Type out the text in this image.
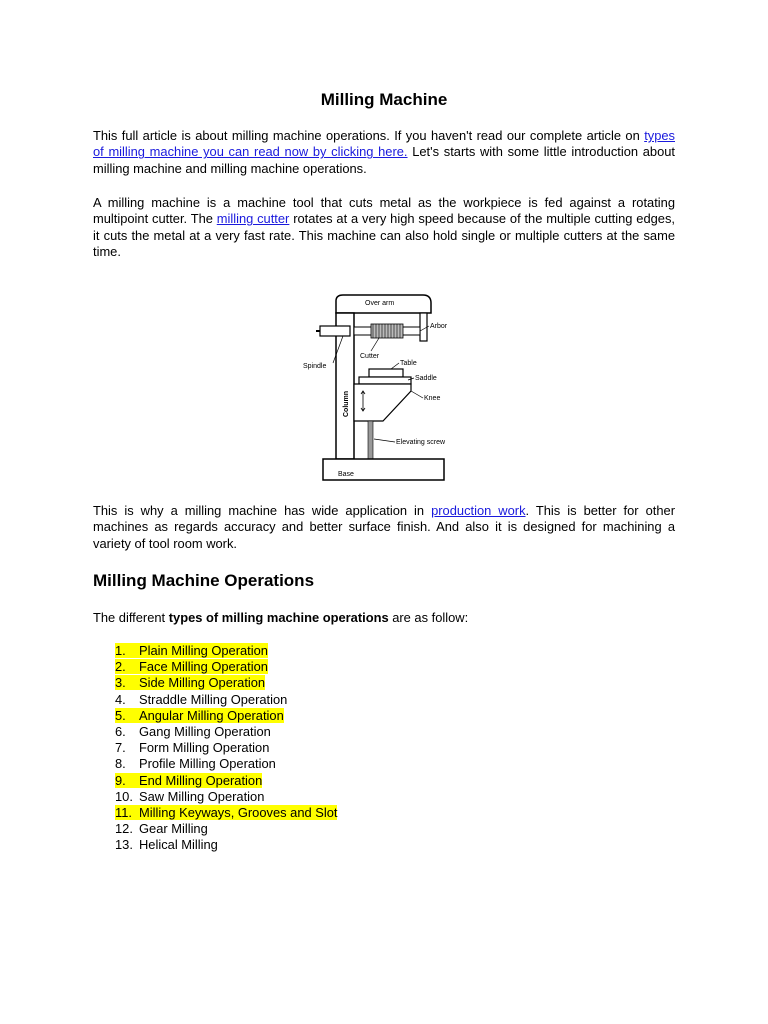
Milling Machine

This full article is about milling machine operations. If you haven't read our complete article on types of milling machine you can read now by clicking here. Let's starts with some little introduction about milling machine and milling machine operations.

A milling machine is a machine tool that cuts metal as the workpiece is fed against a rotating multipoint cutter. The milling cutter rotates at a very high speed because of the multiple cutting edges, it cuts the metal at a very fast rate. This machine can also hold single or multiple cutters at the same time.

Over arm
Column
Spindle
Arbor
Cutter
Table
Saddle
Knee
Elevating screw
Base

This is why a milling machine has wide application in production work. This is better for other machines as regards accuracy and better surface finish. And also it is designed for machining a variety of tool room work.

Milling Machine Operations

The different types of milling machine operations are as follow:

1. Plain Milling Operation
2. Face Milling Operation
3. Side Milling Operation
4. Straddle Milling Operation
5. Angular Milling Operation
6. Gang Milling Operation
7. Form Milling Operation
8. Profile Milling Operation
9. End Milling Operation
10. Saw Milling Operation
11. Milling Keyways, Grooves and Slot
12. Gear Milling
13. Helical Milling
